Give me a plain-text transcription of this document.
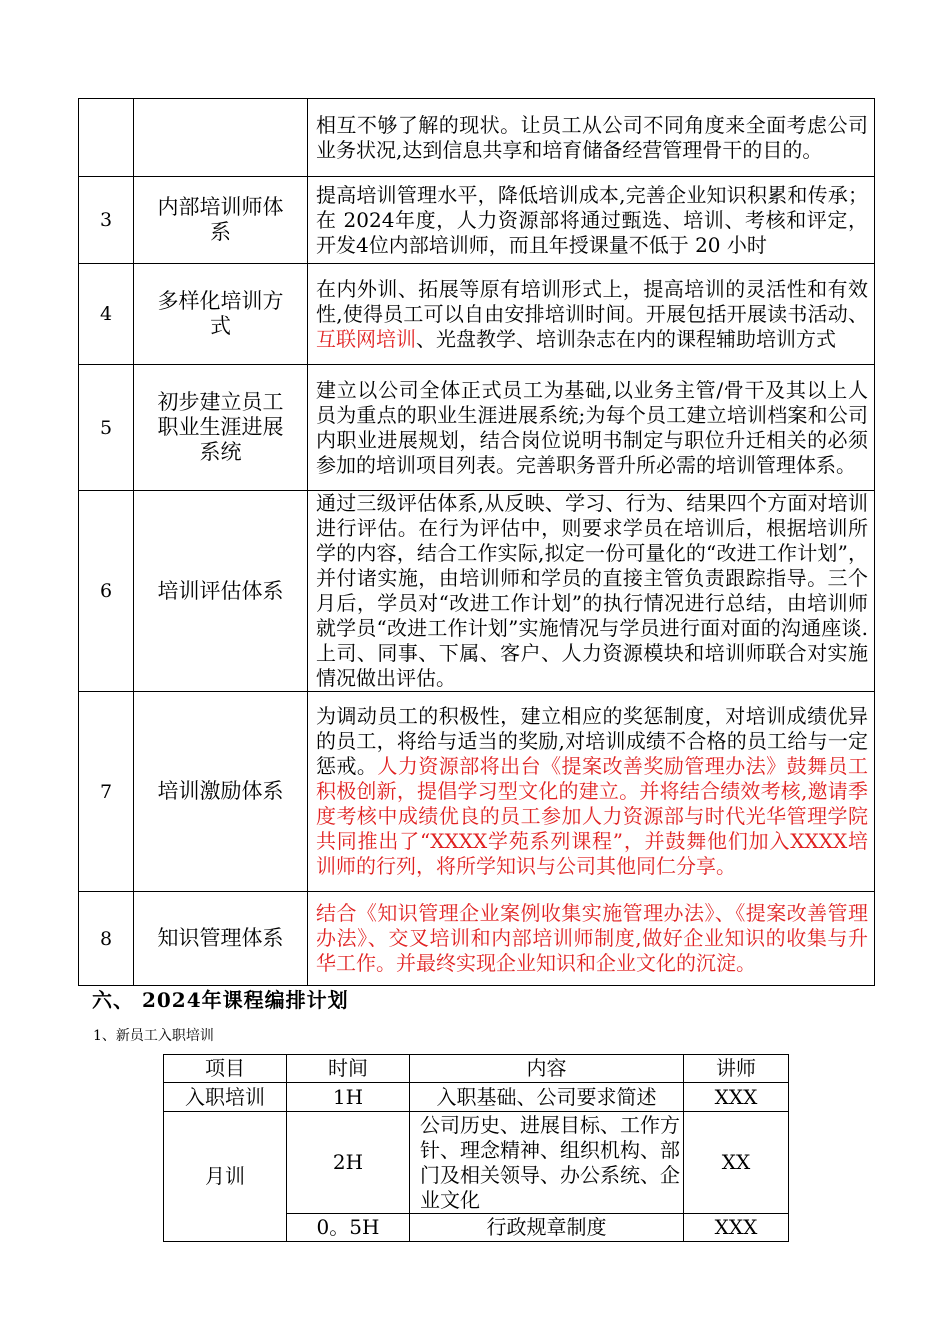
		相互不够了解的现状。让员工从公司不同角度来全面考虑公司业务状况,达到信息共享和培育储备经营管理骨干的目的。
3	内部培训师体系	提高培训管理水平，降低培训成本,完善企业知识积累和传承；在 2024年度，人力资源部将通过甄选、培训、考核和评定，开发4位内部培训师，而且年授课量不低于 20 小时
4	多样化培训方式	在内外训、拓展等原有培训形式上，提高培训的灵活性和有效性,使得员工可以自由安排培训时间。开展包括开展读书活动、互联网培训、光盘教学、培训杂志在内的课程辅助培训方式
5	初步建立员工职业生涯进展系统	建立以公司全体正式员工为基础,以业务主管/骨干及其以上人员为重点的职业生涯进展系统;为每个员工建立培训档案和公司内职业进展规划，结合岗位说明书制定与职位升迁相关的必须参加的培训项目列表。完善职务晋升所必需的培训管理体系。
6	培训评估体系	通过三级评估体系,从反映、学习、行为、结果四个方面对培训进行评估。在行为评估中，则要求学员在培训后，根据培训所学的内容，结合工作实际,拟定一份可量化的“改进工作计划”，并付诸实施，由培训师和学员的直接主管负责跟踪指导。三个月后，学员对“改进工作计划”的执行情况进行总结，由培训师就学员“改进工作计划”实施情况与学员进行面对面的沟通座谈.上司、同事、下属、客户、人力资源模块和培训师联合对实施情况做出评估。
7	培训激励体系	为调动员工的积极性，建立相应的奖惩制度，对培训成绩优异的员工，将给与适当的奖励,对培训成绩不合格的员工给与一定惩戒。人力资源部将出台《提案改善奖励管理办法》鼓舞员工积极创新，提倡学习型文化的建立。并将结合绩效考核,邀请季度考核中成绩优良的员工参加人力资源部与时代光华管理学院共同推出了“XXXX学苑系列课程”，并鼓舞他们加入XXXX培训师的行列，将所学知识与公司其他同仁分享。
8	知识管理体系	结合《知识管理企业案例收集实施管理办法》、《提案改善管理办法》、交叉培训和内部培训师制度,做好企业知识的收集与升华工作。并最终实现企业知识和企业文化的沉淀。
六、 2024年课程编排计划
1、新员工入职培训
项目	时间	内容	讲师
入职培训	1H	入职基础、公司要求简述	XXX
月训	2H	公司历史、进展目标、工作方针、理念精神、组织机构、部门及相关领导、办公系统、企业文化	XX
	0。5H	行政规章制度	XXX
